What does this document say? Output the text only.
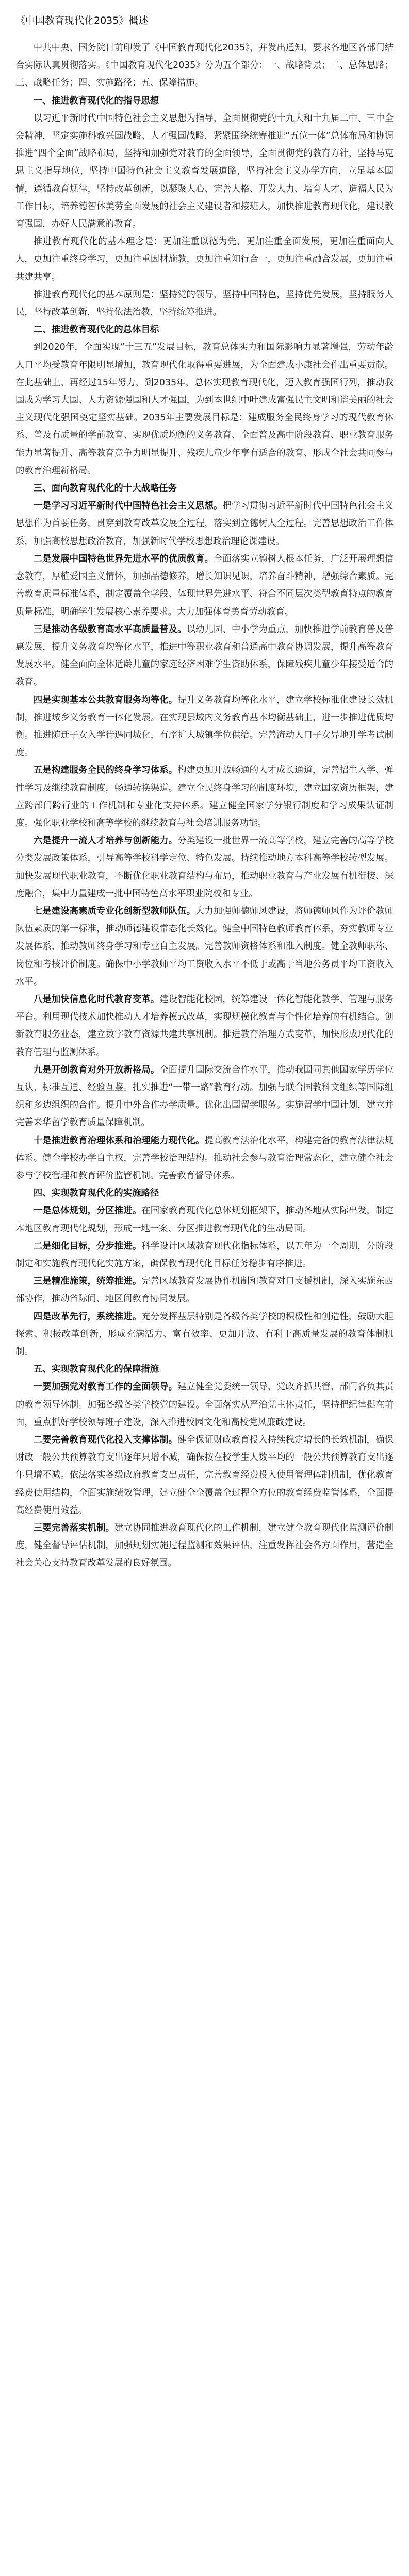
《中国教育现代化2035》概述

中共中央、国务院日前印发了《中国教育现代化2035》，并发出通知，要求各地区各部门结合实际认真贯彻落实。《中国教育现代化2035》分为五个部分：一、战略背景；二、总体思路；三、战略任务；四、实施路径；五、保障措施。

一、推进教育现代化的指导思想

以习近平新时代中国特色社会主义思想为指导，全面贯彻党的十九大和十九届二中、三中全会精神，坚定实施科教兴国战略、人才强国战略，紧紧围绕统筹推进“五位一体”总体布局和协调推进“四个全面”战略布局，坚持和加强党对教育的全面领导，全面贯彻党的教育方针，坚持马克思主义指导地位，坚持中国特色社会主义教育发展道路，坚持社会主义办学方向，立足基本国情，遵循教育规律，坚持改革创新，以凝聚人心、完善人格、开发人力、培育人才、造福人民为工作目标，培养德智体美劳全面发展的社会主义建设者和接班人，加快推进教育现代化，建设教育强国，办好人民满意的教育。

推进教育现代化的基本理念是：更加注重以德为先，更加注重全面发展，更加注重面向人人，更加注重终身学习，更加注重因材施教，更加注重知行合一，更加注重融合发展，更加注重共建共享。

推进教育现代化的基本原则是：坚持党的领导，坚持中国特色，坚持优先发展，坚持服务人民，坚持改革创新，坚持依法治教，坚持统筹推进。

二、推进教育现代化的总体目标

到2020年，全面实现“十三五”发展目标，教育总体实力和国际影响力显著增强，劳动年龄人口平均受教育年限明显增加，教育现代化取得重要进展，为全面建成小康社会作出重要贡献。在此基础上，再经过15年努力，到2035年，总体实现教育现代化，迈入教育强国行列，推动我国成为学习大国、人力资源强国和人才强国，为到本世纪中叶建成富强民主文明和谐美丽的社会主义现代化强国奠定坚实基础。2035年主要发展目标是：建成服务全民终身学习的现代教育体系、普及有质量的学前教育、实现优质均衡的义务教育、全面普及高中阶段教育、职业教育服务能力显著提升、高等教育竞争力明显提升、残疾儿童少年享有适合的教育、形成全社会共同参与的教育治理新格局。

三、面向教育现代化的十大战略任务

一是学习习近平新时代中国特色社会主义思想。把学习贯彻习近平新时代中国特色社会主义思想作为首要任务，贯穿到教育改革发展全过程，落实到立德树人全过程。完善思想政治工作体系，加强高校思想政治教育，加强新时代学校思想政治理论课建设。

二是发展中国特色世界先进水平的优质教育。全面落实立德树人根本任务，广泛开展理想信念教育，厚植爱国主义情怀，加强品德修养，增长知识见识，培养奋斗精神，增强综合素质。完善教育质量标准体系，制定覆盖全学段、体现世界先进水平、符合不同层次类型教育特点的教育质量标准，明确学生发展核心素养要求。大力加强体育美育劳动教育。

三是推动各级教育高水平高质量普及。以幼儿园、中小学为重点，加快推进学前教育普及普惠发展，提升义务教育均等化水平，推进中等职业教育和普通高中教育协调发展，提升高等教育发展水平。健全面向全体适龄儿童的家庭经济困难学生资助体系，保障残疾儿童少年接受适合的教育。

四是实现基本公共教育服务均等化。提升义务教育均等化水平，建立学校标准化建设长效机制，推进城乡义务教育一体化发展。在实现县域内义务教育基本均衡基础上，进一步推进优质均衡。推进随迁子女入学待遇同城化，有序扩大城镇学位供给。完善流动人口子女异地升学考试制度。

五是构建服务全民的终身学习体系。构建更加开放畅通的人才成长通道，完善招生入学、弹性学习及继续教育制度，畅通转换渠道。建立全民终身学习的制度环境，建立国家资历框架，建立跨部门跨行业的工作机制和专业化支持体系。建立健全国家学分银行制度和学习成果认证制度。强化职业学校和高等学校的继续教育与社会培训服务功能。

六是提升一流人才培养与创新能力。分类建设一批世界一流高等学校，建立完善的高等学校分类发展政策体系，引导高等学校科学定位、特色发展。持续推动地方本科高等学校转型发展。加快发展现代职业教育，不断优化职业教育结构与布局，推动职业教育与产业发展有机衔接、深度融合，集中力量建成一批中国特色高水平职业院校和专业。

七是建设高素质专业化创新型教师队伍。大力加强师德师风建设，将师德师风作为评价教师队伍素质的第一标准，推动师德建设常态化长效化。健全中国特色教师教育体系，夯实教师专业发展体系，推动教师终身学习和专业自主发展。完善教师资格体系和准入制度。健全教师职称、岗位和考核评价制度。确保中小学教师平均工资收入水平不低于或高于当地公务员平均工资收入水平。

八是加快信息化时代教育变革。建设智能化校园，统筹建设一体化智能化教学、管理与服务平台。利用现代技术加快推动人才培养模式改革，实现规模化教育与个性化培养的有机结合。创新教育服务业态，建立数字教育资源共建共享机制。推进教育治理方式变革，加快形成现代化的教育管理与监测体系。

九是开创教育对外开放新格局。全面提升国际交流合作水平，推动我国同其他国家学历学位互认、标准互通、经验互鉴。扎实推进“一带一路”教育行动。加强与联合国教科文组织等国际组织和多边组织的合作。提升中外合作办学质量。优化出国留学服务。实施留学中国计划，建立并完善来华留学教育质量保障机制。

十是推进教育治理体系和治理能力现代化。提高教育法治化水平，构建完备的教育法律法规体系。健全学校办学自主权，完善学校治理结构。推动社会参与教育治理常态化，建立健全社会参与学校管理和教育评价监管机制。完善教育督导体系。

四、实现教育现代化的实施路径

一是总体规划，分区推进。在国家教育现代化总体规划框架下，推动各地从实际出发，制定本地区教育现代化规划，形成一地一案、分区推进教育现代化的生动局面。

二是细化目标，分步推进。科学设计区域教育现代化指标体系，以五年为一个周期，分阶段制定和实施教育现代化实施方案，确保教育现代化目标任务稳步有序推进。

三是精准施策，统筹推进。完善区域教育发展协作机制和教育对口支援机制，深入实施东西部协作，推动省际间、地区间教育协同发展。

四是改革先行，系统推进。充分发挥基层特别是各级各类学校的积极性和创造性，鼓励大胆探索、积极改革创新，形成充满活力、富有效率、更加开放、有利于高质量发展的教育体制机制。

五、实现教育现代化的保障措施

一要加强党对教育工作的全面领导。建立健全党委统一领导、党政齐抓共管、部门各负其责的教育领导体制。加强各级各类学校党的建设。全面落实从严治党主体责任，坚持把纪律挺在前面，重点抓好学校领导班子建设，深入推进校园文化和高校党风廉政建设。

二要完善教育现代化投入支撑体制。健全保证财政教育投入持续稳定增长的长效机制，确保财政一般公共预算教育支出逐年只增不减，确保按在校学生人数平均的一般公共预算教育支出逐年只增不减。依法落实各级政府教育支出责任，完善教育经费投入使用管理体制机制，优化教育经费使用结构，全面实施绩效管理，建立健全全覆盖全过程全方位的教育经费监管体系，全面提高经费使用效益。

三要完善落实机制。建立协同推进教育现代化的工作机制，建立健全教育现代化监测评价制度，健全督导评估机制，加强规划实施过程监测和效果评估，注重发挥社会各方面作用，营造全社会关心支持教育改革发展的良好氛围。
